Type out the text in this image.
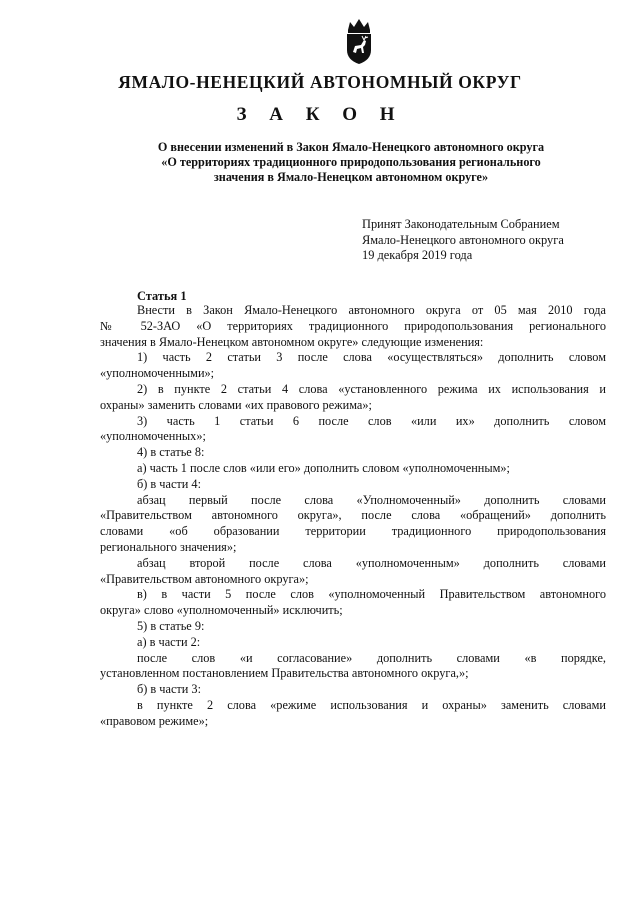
ЯМАЛО-НЕНЕЦКИЙ АВТОНОМНЫЙ ОКРУГ
З А К О Н
О внесении изменений в Закон Ямало-Ненецкого автономного округа
«О территориях традиционного природопользования регионального
значения в Ямало-Ненецком автономном округе»
Принят Законодательным Собранием
Ямало-Ненецкого автономного округа
19 декабря 2019 года
Статья 1
Внести в Закон Ямало-Ненецкого автономного округа от 05 мая 2010 года
№ 52-ЗАО «О территориях традиционного природопользования регионального
значения в Ямало-Ненецком автономном округе» следующие изменения:
1) часть 2 статьи 3 после слова «осуществляться» дополнить словом
«уполномоченными»;
2) в пункте 2 статьи 4 слова «установленного режима их использования и
охраны» заменить словами «их правового режима»;
3) часть 1 статьи 6 после слов «или их» дополнить словом
«уполномоченных»;
4) в статье 8:
а) часть 1 после слов «или его» дополнить словом «уполномоченным»;
б) в части 4:
абзац первый после слова «Уполномоченный» дополнить словами
«Правительством автономного округа», после слова «обращений» дополнить
словами «об образовании территории традиционного природопользования
регионального значения»;
абзац второй после слова «уполномоченным» дополнить словами
«Правительством автономного округа»;
в) в части 5 после слов «уполномоченный Правительством автономного
округа» слово «уполномоченный» исключить;
5) в статье 9:
а) в части 2:
после слов «и согласование» дополнить словами «в порядке,
установленном постановлением Правительства автономного округа,»;
б) в части 3:
в пункте 2 слова «режиме использования и охраны» заменить словами
«правовом режиме»;
